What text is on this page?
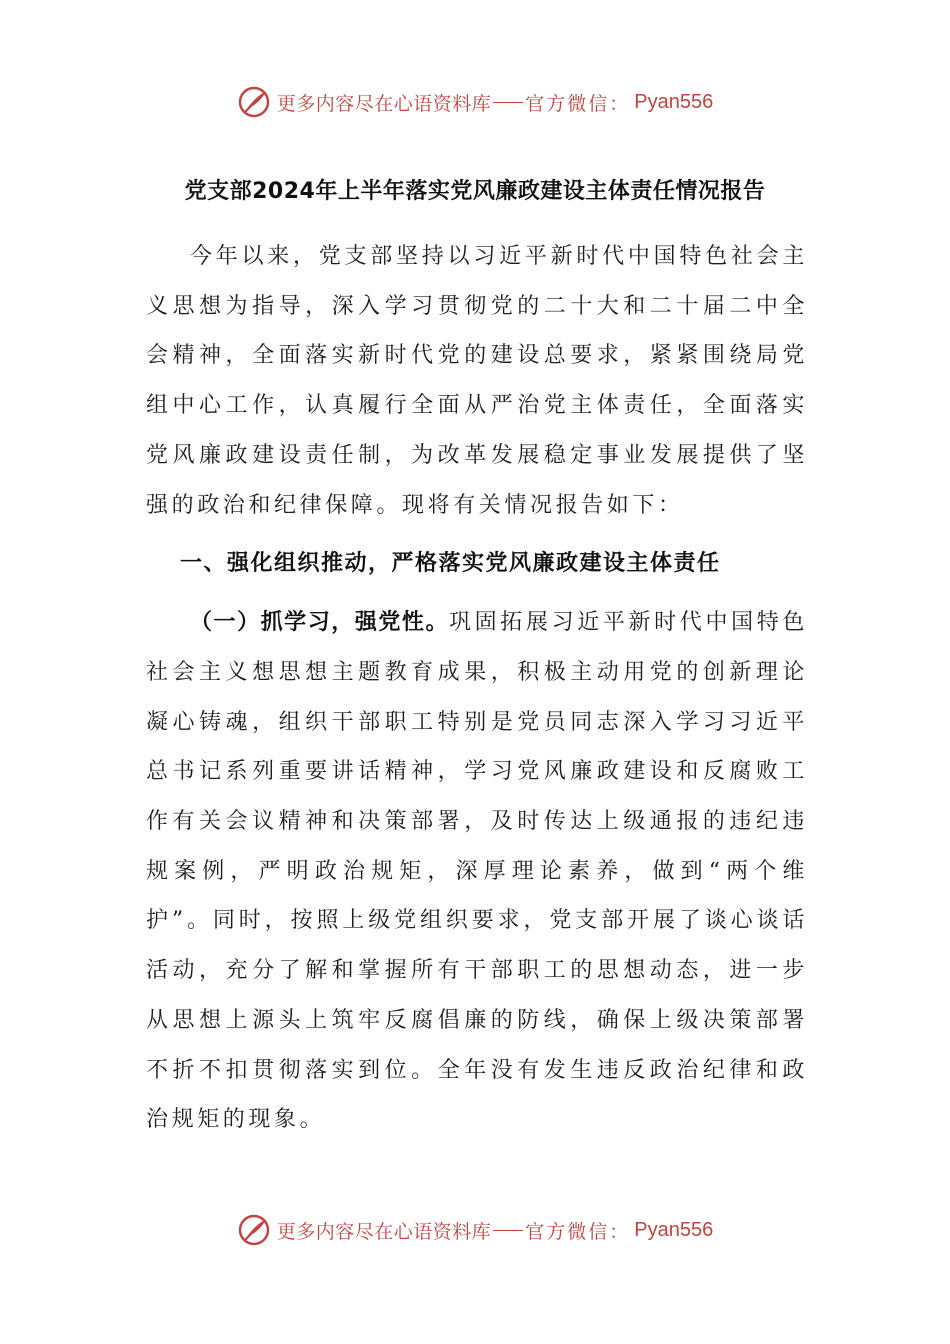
更多内容尽在心语资料库 官方微信： Pyan556
党支部2024年上半年落实党风廉政建设主体责任情况报告

今年以来，党支部坚持以习近平新时代中国特色社会主义思想为指导，深入学习贯彻党的二十大和二十届二中全会精神，全面落实新时代党的建设总要求，紧紧围绕局党组中心工作，认真履行全面从严治党主体责任，全面落实党风廉政建设责任制，为改革发展稳定事业发展提供了坚强的政治和纪律保障。现将有关情况报告如下：

一、强化组织推动，严格落实党风廉政建设主体责任

（一）抓学习，强党性。巩固拓展习近平新时代中国特色社会主义想思想主题教育成果，积极主动用党的创新理论凝心铸魂，组织干部职工特别是党员同志深入学习习近平总书记系列重要讲话精神，学习党风廉政建设和反腐败工作有关会议精神和决策部署，及时传达上级通报的违纪违规案例，严明政治规矩，深厚理论素养，做到“两个维护”。同时，按照上级党组织要求，党支部开展了谈心谈话活动，充分了解和掌握所有干部职工的思想动态，进一步从思想上源头上筑牢反腐倡廉的防线，确保上级决策部署不折不扣贯彻落实到位。全年没有发生违反政治纪律和政治规矩的现象。

更多内容尽在心语资料库 官方微信： Pyan556
